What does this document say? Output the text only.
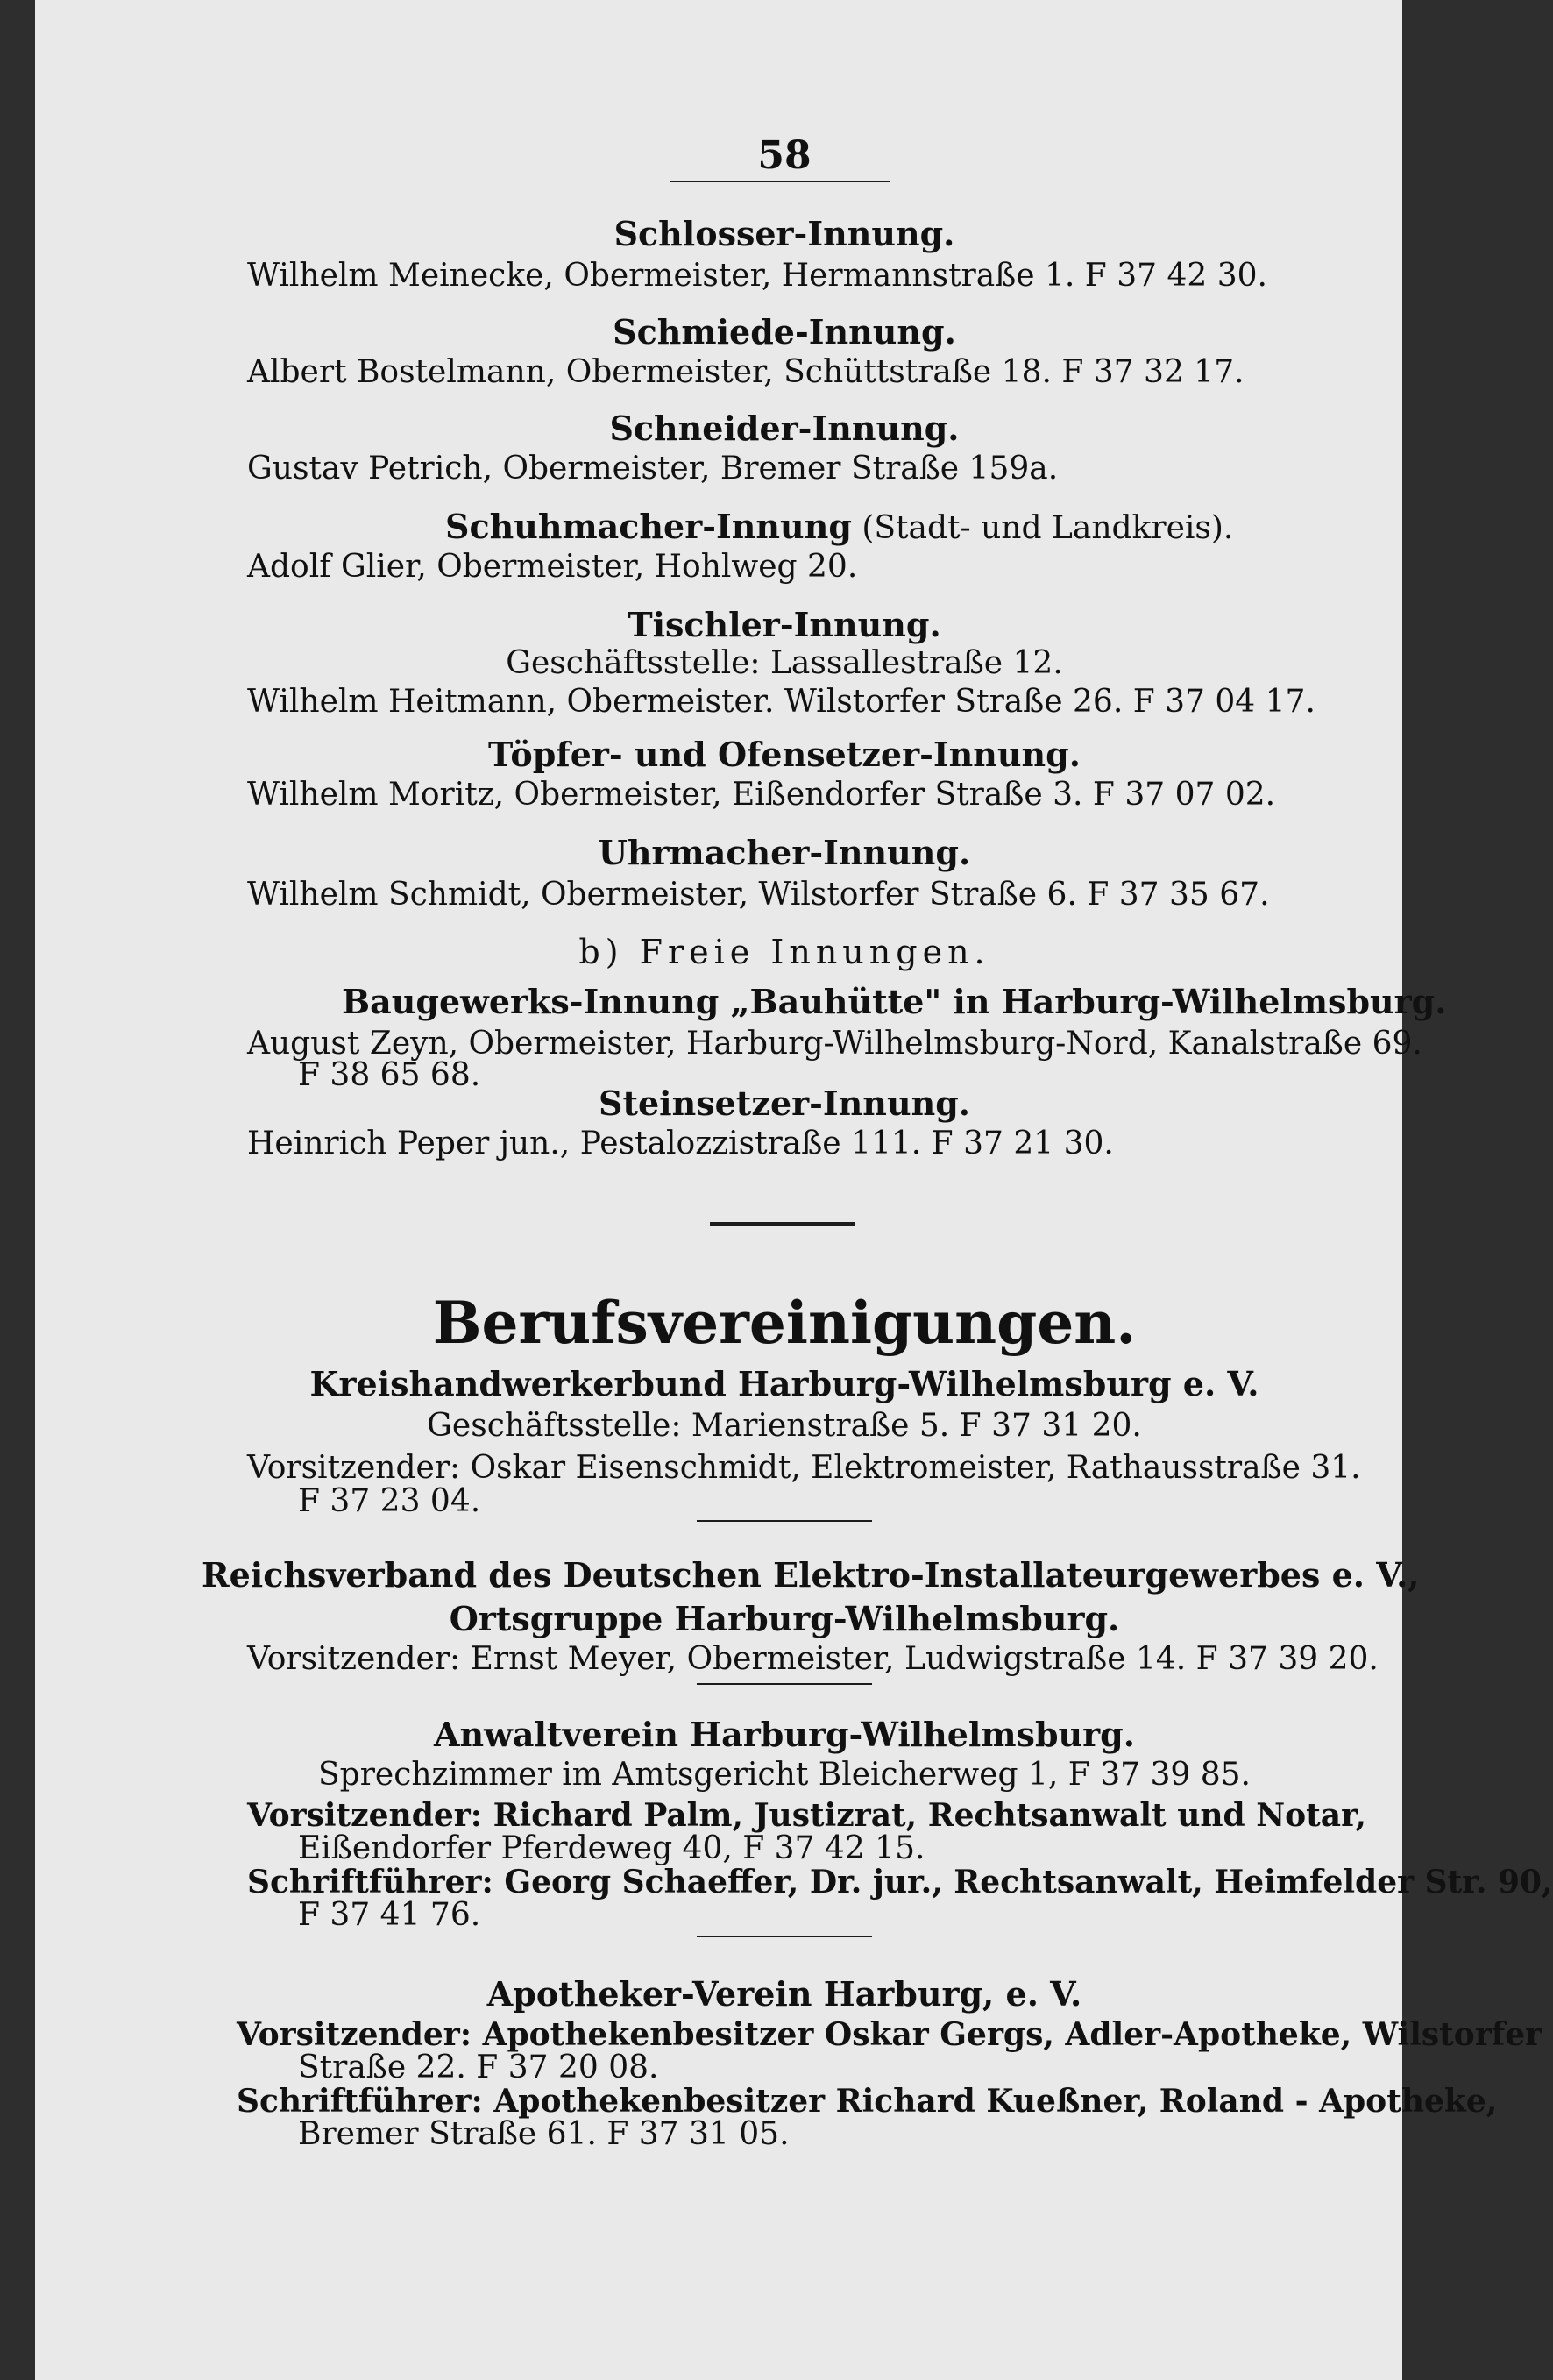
58
Schlosser-Innung.
Wilhelm Meinecke, Obermeister, Hermannstraße 1. F 37 42 30.
Schmiede-Innung.
Albert Bostelmann, Obermeister, Schüttstraße 18. F 37 32 17.
Schneider-Innung.
Gustav Petrich, Obermeister, Bremer Straße 159a.
Schuhmacher-Innung (Stadt- und Landkreis).
Adolf Glier, Obermeister, Hohlweg 20.
Tischler-Innung.
Geschäftsstelle: Lassallestraße 12.
Wilhelm Heitmann, Obermeister. Wilstorfer Straße 26. F 37 04 17.
Töpfer- und Ofensetzer-Innung.
Wilhelm Moritz, Obermeister, Eißendorfer Straße 3. F 37 07 02.
Uhrmacher-Innung.
Wilhelm Schmidt, Obermeister, Wilstorfer Straße 6. F 37 35 67.
b) Freie Innungen.
Baugewerks-Innung „Bauhütte" in Harburg-Wilhelmsburg.
August Zeyn, Obermeister, Harburg-Wilhelmsburg-Nord, Kanalstraße 69.
F 38 65 68.
Steinsetzer-Innung.
Heinrich Peper jun., Pestalozzistraße 111. F 37 21 30.
Berufsvereinigungen.
Kreishandwerkerbund Harburg-Wilhelmsburg e. V.
Geschäftsstelle: Marienstraße 5. F 37 31 20.
Vorsitzender: Oskar Eisenschmidt, Elektromeister, Rathausstraße 31.
F 37 23 04.
Reichsverband des Deutschen Elektro-Installateurgewerbes e. V.,
Ortsgruppe Harburg-Wilhelmsburg.
Vorsitzender: Ernst Meyer, Obermeister, Ludwigstraße 14. F 37 39 20.
Anwaltverein Harburg-Wilhelmsburg.
Sprechzimmer im Amtsgericht Bleicherweg 1, F 37 39 85.
Vorsitzender: Richard Palm, Justizrat, Rechtsanwalt und Notar,
Eißendorfer Pferdeweg 40, F 37 42 15.
Schriftführer: Georg Schaeffer, Dr. jur., Rechtsanwalt, Heimfelder Str. 90,
F 37 41 76.
Apotheker-Verein Harburg, e. V.
Vorsitzender: Apothekenbesitzer Oskar Gergs, Adler-Apotheke, Wilstorfer
Straße 22. F 37 20 08.
Schriftführer: Apothekenbesitzer Richard Kueßner, Roland - Apotheke,
Bremer Straße 61. F 37 31 05.
